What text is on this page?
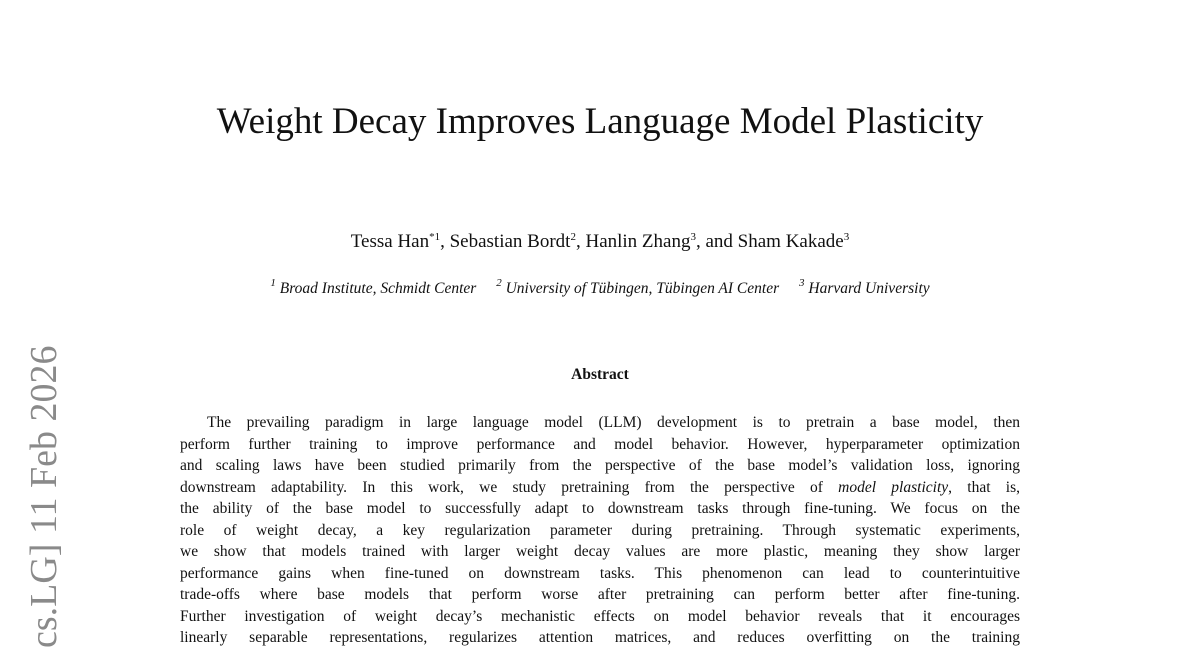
cs.LG] 11 Feb 2026
Weight Decay Improves Language Model Plasticity
Tessa Han$^{*1}$, Sebastian Bordt$^2$, Hanlin Zhang$^3$, and Sham Kakade$^3$
$^1$ Broad Institute, Schmidt Center $^2$ University of Tübingen, Tübingen AI Center $^3$ Harvard University
Abstract
The prevailing paradigm in large language model (LLM) development is to pretrain a base model, then
perform further training to improve performance and model behavior. However, hyperparameter optimization
and scaling laws have been studied primarily from the perspective of the base model’s validation loss, ignoring
downstream adaptability. In this work, we study pretraining from the perspective of model plasticity, that is,
the ability of the base model to successfully adapt to downstream tasks through fine-tuning. We focus on the
role of weight decay, a key regularization parameter during pretraining. Through systematic experiments,
we show that models trained with larger weight decay values are more plastic, meaning they show larger
performance gains when fine-tuned on downstream tasks. This phenomenon can lead to counterintuitive
trade-offs where base models that perform worse after pretraining can perform better after fine-tuning.
Further investigation of weight decay’s mechanistic effects on model behavior reveals that it encourages
linearly separable representations, regularizes attention matrices, and reduces overfitting on the training
